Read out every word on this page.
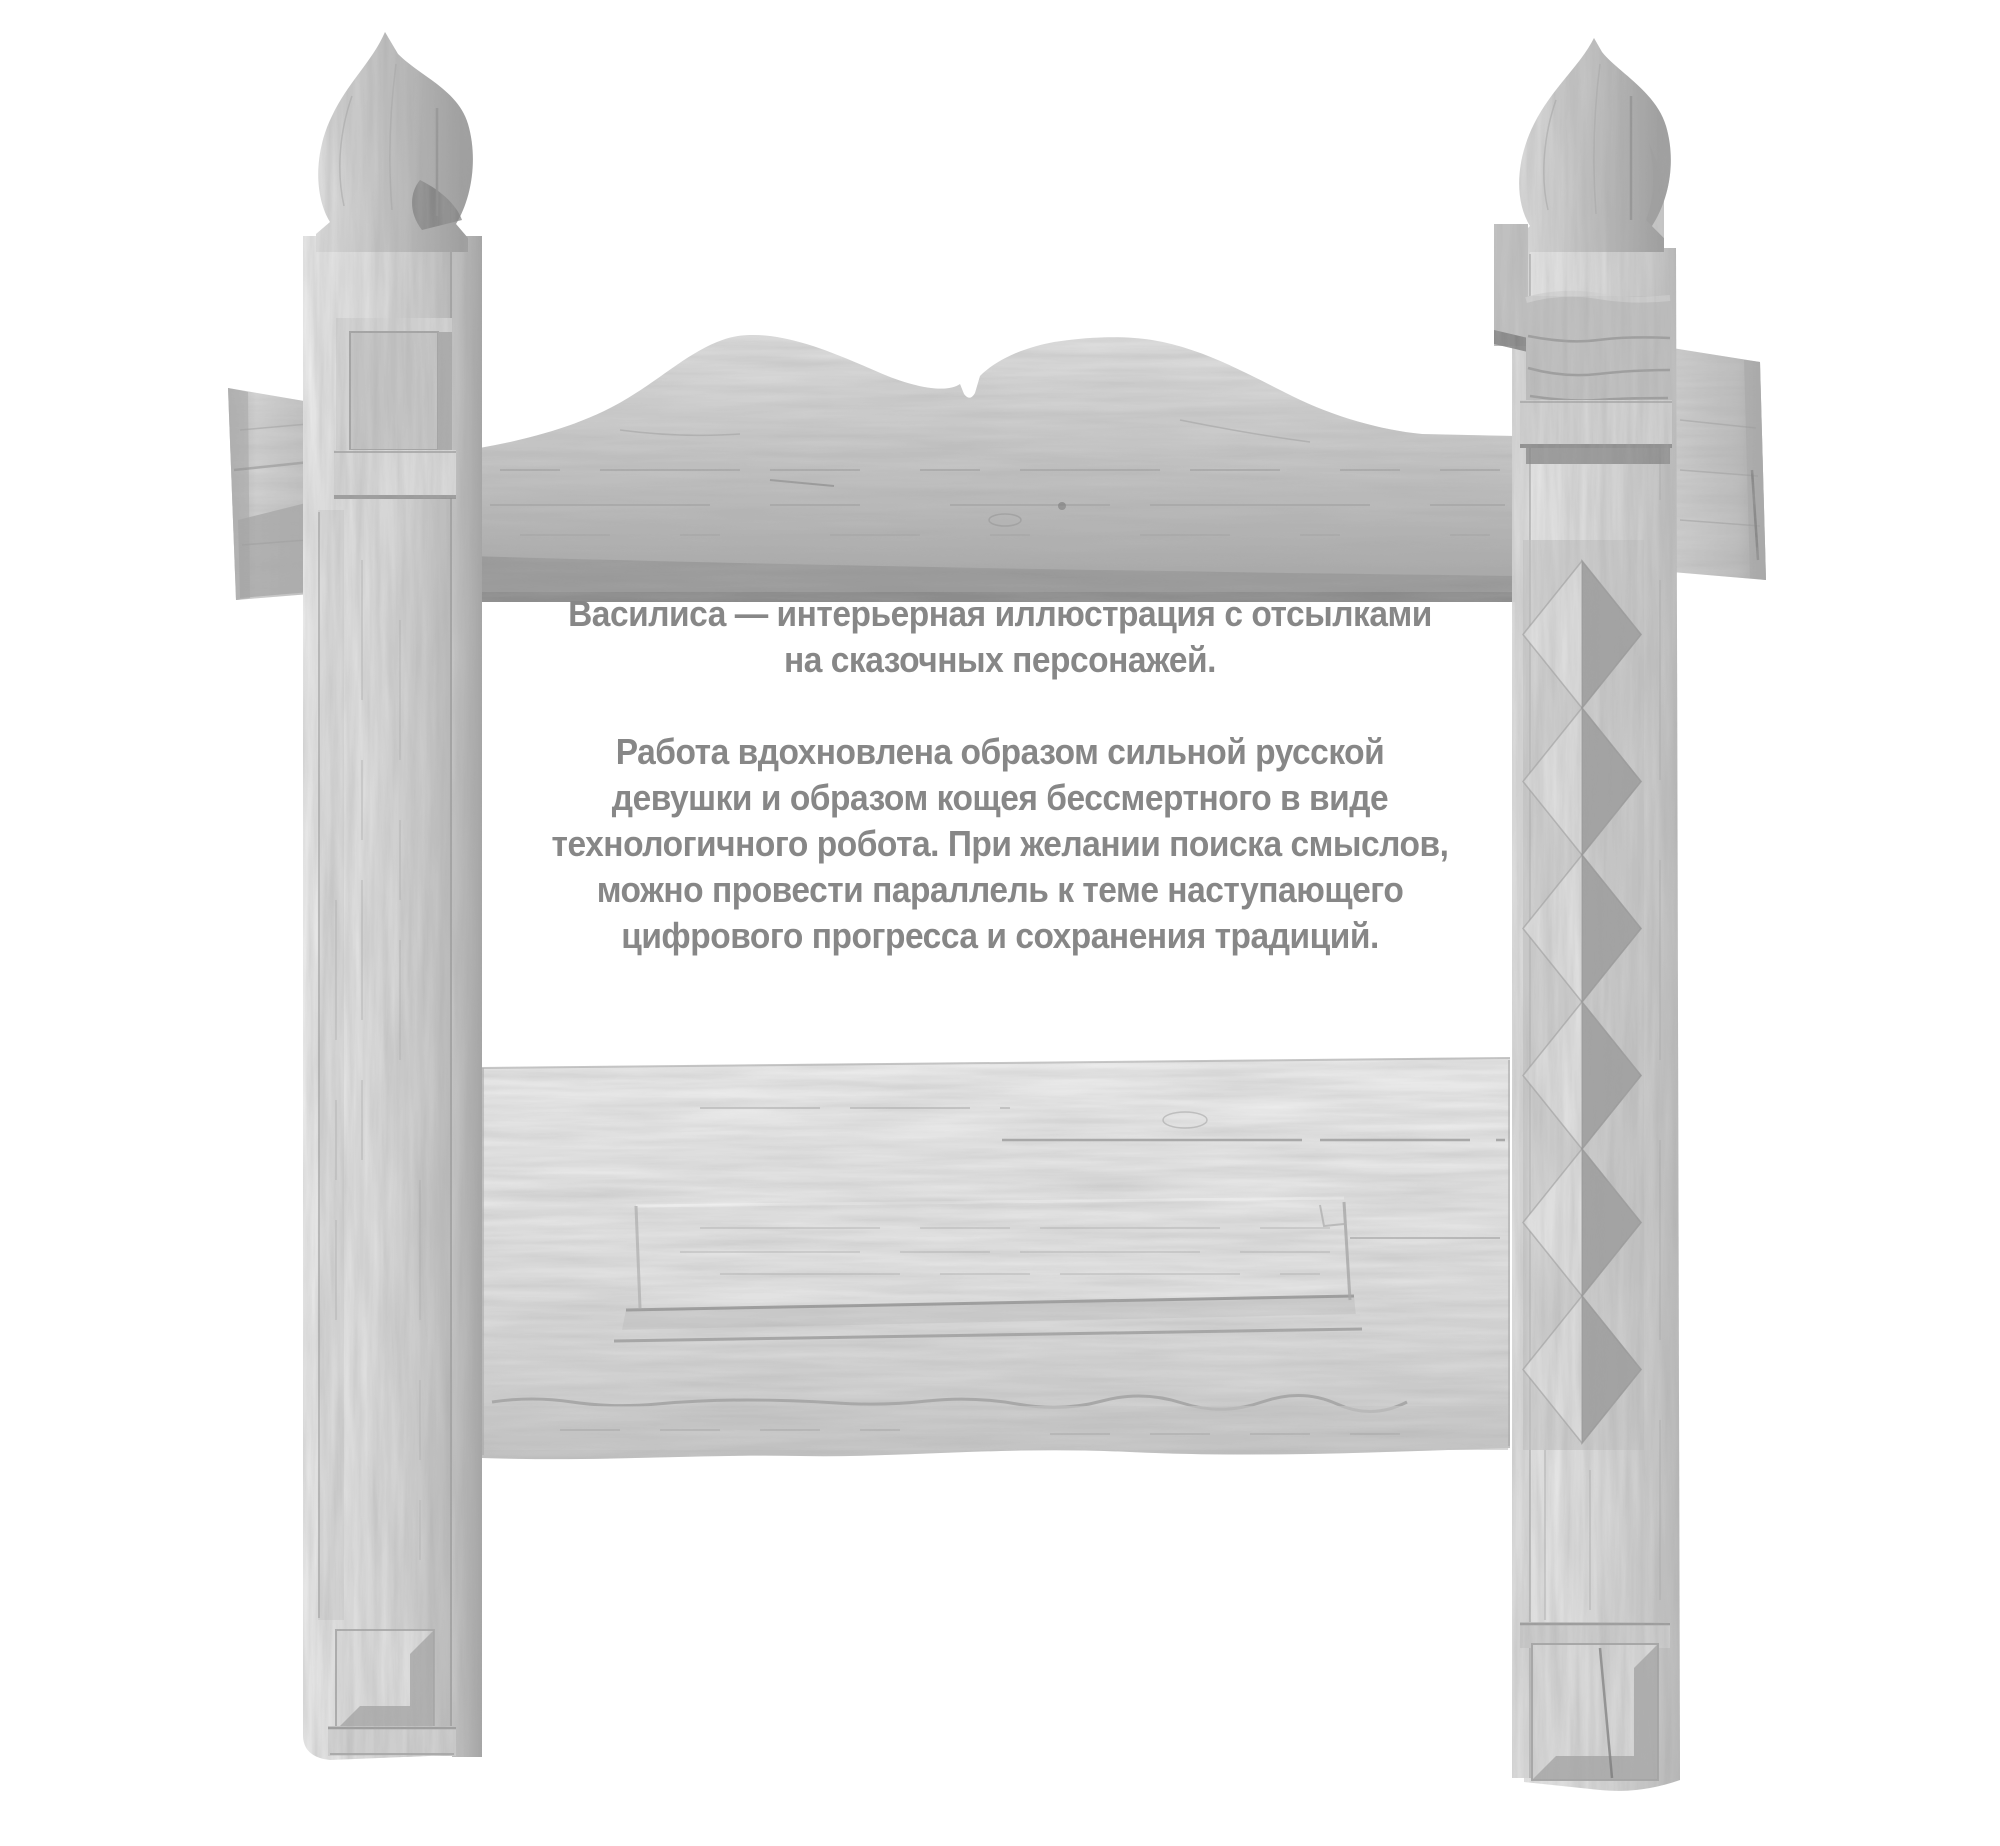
Василиса — интерьерная иллюстрация с отсылками
на сказочных персонажей.

Работа вдохновлена образом сильной русской
девушки и образом кощея бессмертного в виде
технологичного робота. При желании поиска смыслов,
можно провести параллель к теме наступающего
цифрового прогресса и сохранения традиций.
